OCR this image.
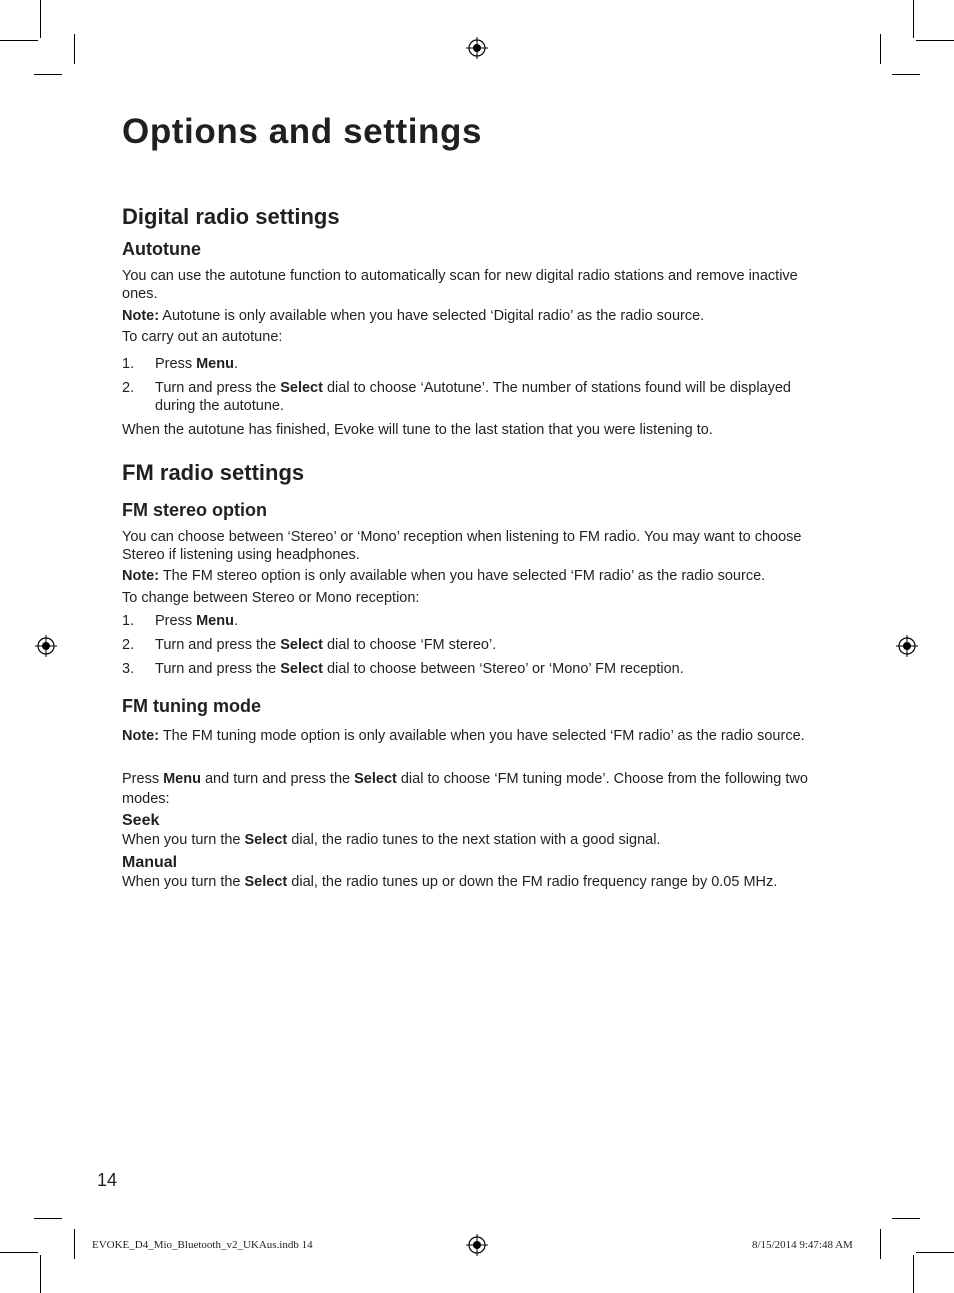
Options and settings
Digital radio settings
Autotune
You can use the autotune function to automatically scan for new digital radio stations and remove inactive ones.
Note: Autotune is only available when you have selected ‘Digital radio’ as the radio source.
To carry out an autotune:
1. Press Menu.
2. Turn and press the Select dial to choose ‘Autotune’. The number of stations found will be displayed during the autotune.
When the autotune has finished, Evoke will tune to the last station that you were listening to.
FM radio settings
FM stereo option
You can choose between ‘Stereo’ or ‘Mono’ reception when listening to FM radio. You may want to choose Stereo if listening using headphones.
Note: The FM stereo option is only available when you have selected ‘FM radio’ as the radio source.
To change between Stereo or Mono reception:
1. Press Menu.
2. Turn and press the Select dial to choose ‘FM stereo’.
3. Turn and press the Select dial to choose between ‘Stereo’ or ‘Mono’ FM reception.
FM tuning mode
Note: The FM tuning mode option is only available when you have selected ‘FM radio’ as the radio source.
Press Menu and turn and press the Select dial to choose ‘FM tuning mode’. Choose from the following two modes:
Seek
When you turn the Select dial, the radio tunes to the next station with a good signal.
Manual
When you turn the Select dial, the radio tunes up or down the FM radio frequency range by 0.05 MHz.
14
EVOKE_D4_Mio_Bluetooth_v2_UKAus.indb 14	8/15/2014 9:47:48 AM
